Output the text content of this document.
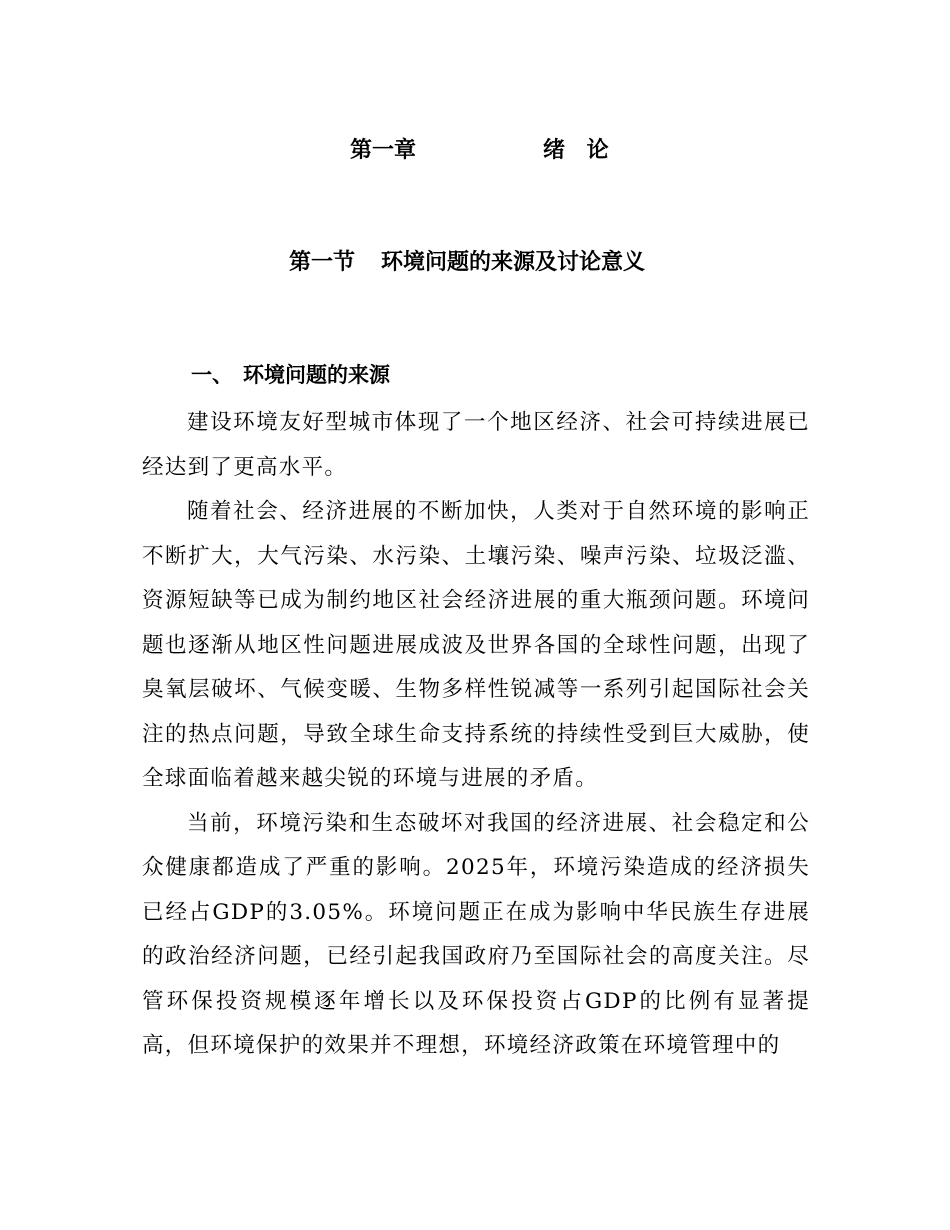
第一章	绪 论
第一节 环境问题的来源及讨论意义
一、 环境问题的来源

建设环境友好型城市体现了一个地区经济、社会可持续进展已经达到了更高水平。

随着社会、经济进展的不断加快，人类对于自然环境的影响正不断扩大，大气污染、水污染、土壤污染、噪声污染、垃圾泛滥、资源短缺等已成为制约地区社会经济进展的重大瓶颈问题。环境问题也逐渐从地区性问题进展成波及世界各国的全球性问题，出现了臭氧层破坏、气候变暖、生物多样性锐减等一系列引起国际社会关注的热点问题，导致全球生命支持系统的持续性受到巨大威胁，使全球面临着越来越尖锐的环境与进展的矛盾。

当前，环境污染和生态破坏对我国的经济进展、社会稳定和公众健康都造成了严重的影响。2025年，环境污染造成的经济损失已经占GDP的3.05%。环境问题正在成为影响中华民族生存进展的政治经济问题，已经引起我国政府乃至国际社会的高度关注。尽管环保投资规模逐年增长以及环保投资占GDP的比例有显著提高，但环境保护的效果并不理想，环境经济政策在环境管理中的
